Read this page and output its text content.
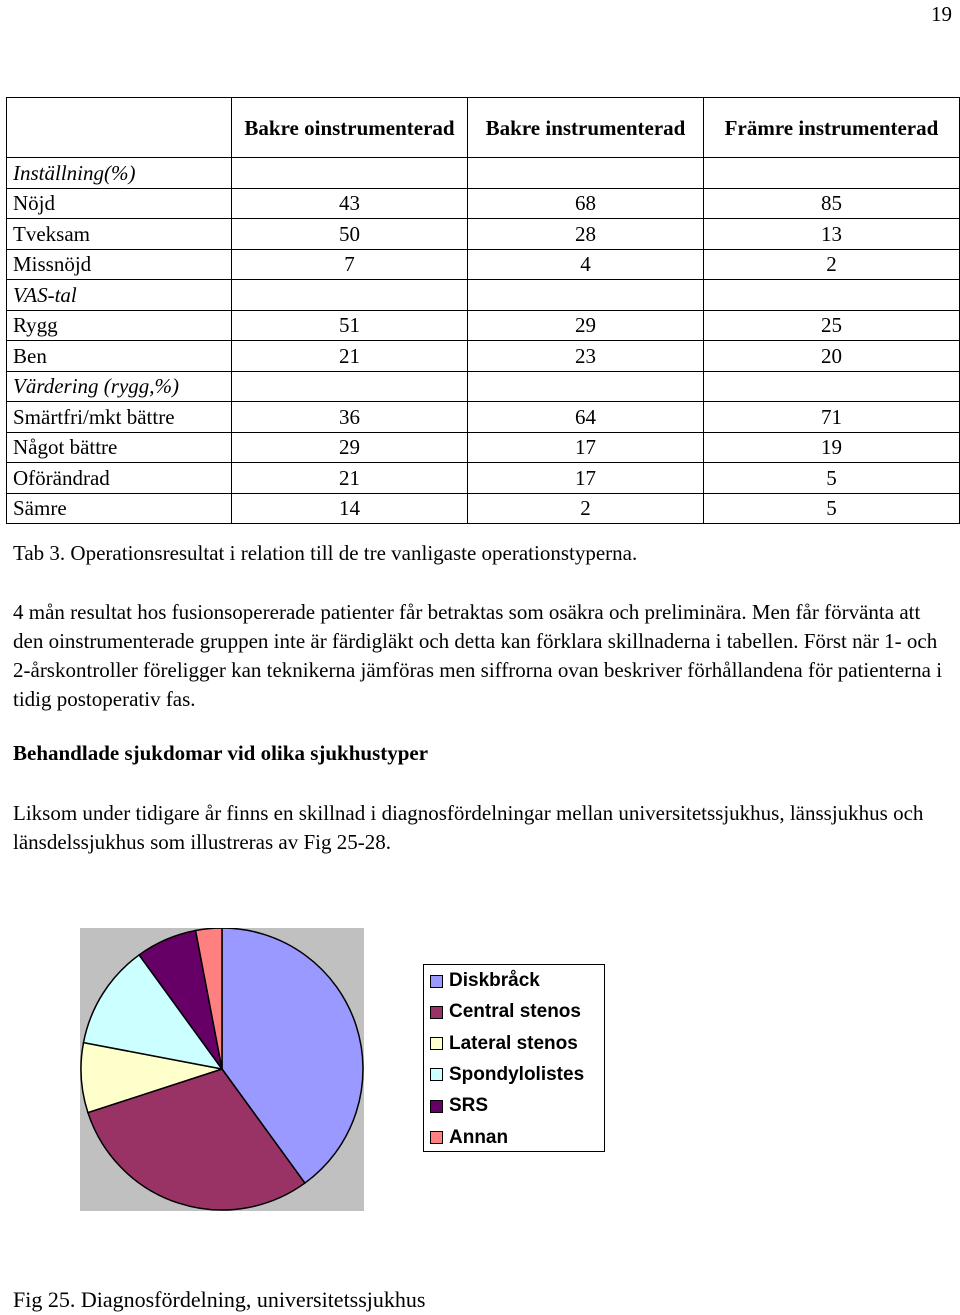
19
	Bakre oinstrumenterad	Bakre instrumenterad	Främre instrumenterad
Inställning(%)			
Nöjd	43	68	85
Tveksam	50	28	13
Missnöjd	7	4	2
VAS-tal			
Rygg	51	29	25
Ben	21	23	20
Värdering (rygg,%)			
Smärtfri/mkt bättre	36	64	71
Något bättre	29	17	19
Oförändrad	21	17	5
Sämre	14	2	5
Tab 3. Operationsresultat i relation till de tre vanligaste operationstyperna.
4 mån resultat hos fusionsopererade patienter får betraktas som osäkra och preliminära. Men får förvänta att den oinstrumenterade gruppen inte är färdigläkt och detta kan förklara skillnaderna i tabellen. Först när 1- och 2-årskontroller föreligger kan teknikerna jämföras men siffrorna ovan beskriver förhållandena för patienterna i tidig postoperativ fas.
Behandlade sjukdomar vid olika sjukhustyper
Liksom under tidigare år finns en skillnad i diagnosfördelningar mellan universitetssjukhus, länssjukhus och länsdelssjukhus som illustreras av Fig 25-28.
Diskbråck
Central stenos
Lateral stenos
Spondylolistes
SRS
Annan
Fig 25. Diagnosfördelning, universitetssjukhus
